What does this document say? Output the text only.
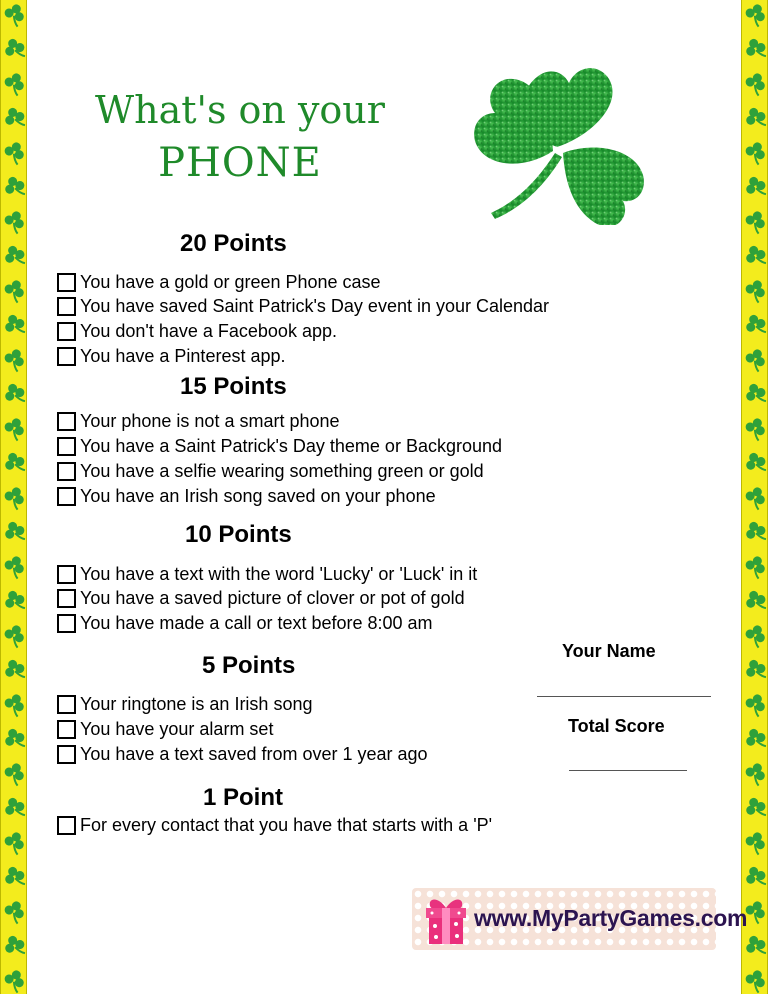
What's on your
PHONE
20 Points
You have a gold or green Phone case
You have saved Saint Patrick's Day event in your Calendar
You don't have a Facebook app.
You have a Pinterest app.
15 Points
Your phone is not a smart phone
You have a Saint Patrick's Day theme or Background
You have a selfie wearing something green or gold
You have an Irish song saved on your phone
10 Points
You have a text with the word 'Lucky' or 'Luck' in it
You have a saved picture of clover or pot of gold
You have made a call or text before 8:00 am
5 Points
Your ringtone is an Irish song
You have your alarm set
You have a text saved from over 1 year ago
1 Point
For every contact that you have that starts with a 'P'
Your Name
Total Score
www.MyPartyGames.com
